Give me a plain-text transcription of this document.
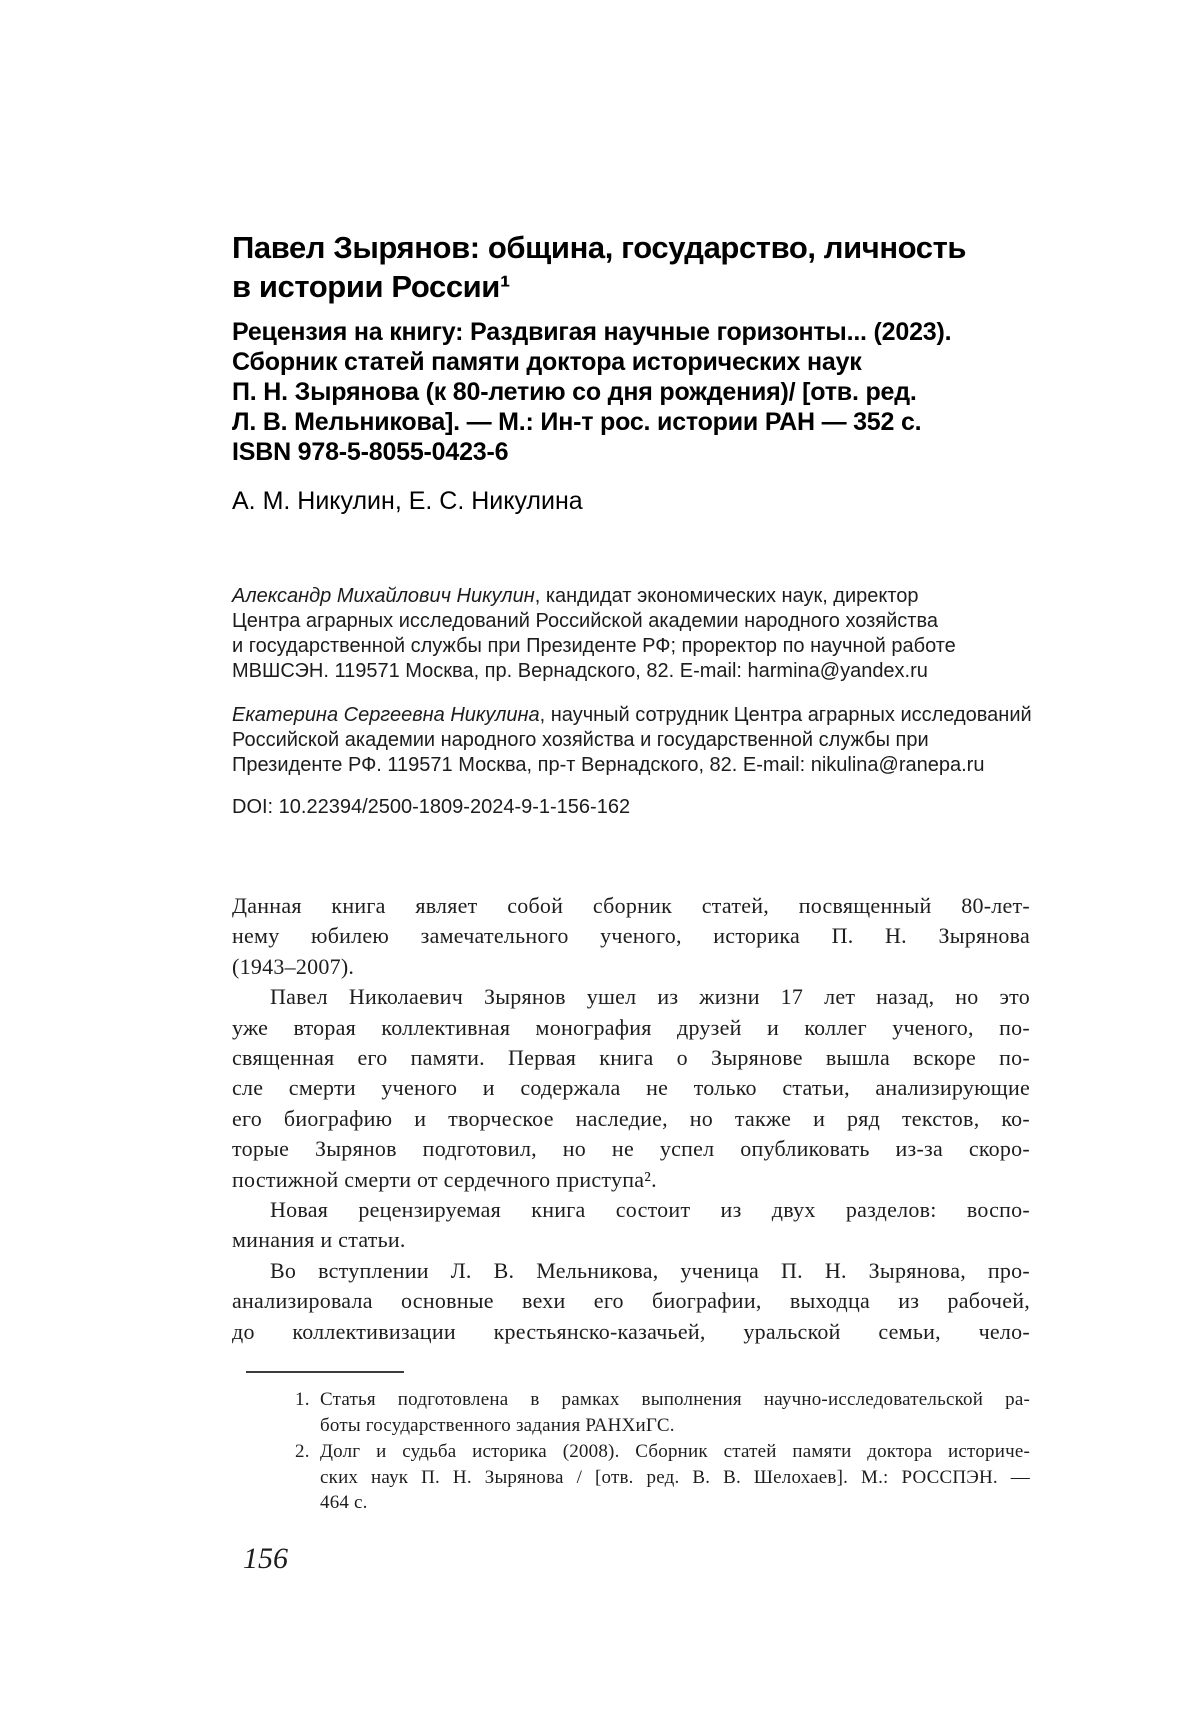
Павел Зырянов: община, государство, личность
в истории России¹
Рецензия на книгу: Раздвигая научные горизонты... (2023).
Сборник статей памяти доктора исторических наук
П. Н. Зырянова (к 80-летию со дня рождения)/ [отв. ред.
Л. В. Мельникова]. — М.: Ин-т рос. истории РАН — 352 с.
ISBN 978-5-8055-0423-6
А. М. Никулин, Е. С. Никулина
Александр Михайлович Никулин, кандидат экономических наук, директор
Центра аграрных исследований Российской академии народного хозяйства
и государственной службы при Президенте РФ; проректор по научной работе
МВШСЭН. 119571 Москва, пр. Вернадского, 82. E-mail: harmina@yandex.ru
Екатерина Сергеевна Никулина, научный сотрудник Центра аграрных исследований
Российской академии народного хозяйства и государственной службы при
Президенте РФ. 119571 Москва, пр-т Вернадского, 82. E-mail: nikulina@ranepa.ru
DOI: 10.22394/2500-1809-2024-9-1-156-162
Данная книга являет собой сборник статей, посвященный 80-лет-
нему юбилею замечательного ученого, историка П. Н. Зырянова
(1943–2007).
Павел Николаевич Зырянов ушел из жизни 17 лет назад, но это
уже вторая коллективная монография друзей и коллег ученого, по-
священная его памяти. Первая книга о Зырянове вышла вскоре по-
сле смерти ученого и содержала не только статьи, анализирующие
его биографию и творческое наследие, но также и ряд текстов, ко-
торые Зырянов подготовил, но не успел опубликовать из-за скоро-
постижной смерти от сердечного приступа².
Новая рецензируемая книга состоит из двух разделов: воспо-
минания и статьи.
Во вступлении Л. В. Мельникова, ученица П. Н. Зырянова, про-
анализировала основные вехи его биографии, выходца из рабочей,
до коллективизации крестьянско-казачьей, уральской семьи, чело-
1. Статья подготовлена в рамках выполнения научно-исследовательской ра-
боты государственного задания РАНХиГС.
2. Долг и судьба историка (2008). Сборник статей памяти доктора историче-
ских наук П. Н. Зырянова / [отв. ред. В. В. Шелохаев]. М.: РОССПЭН. —
464 с.
156
